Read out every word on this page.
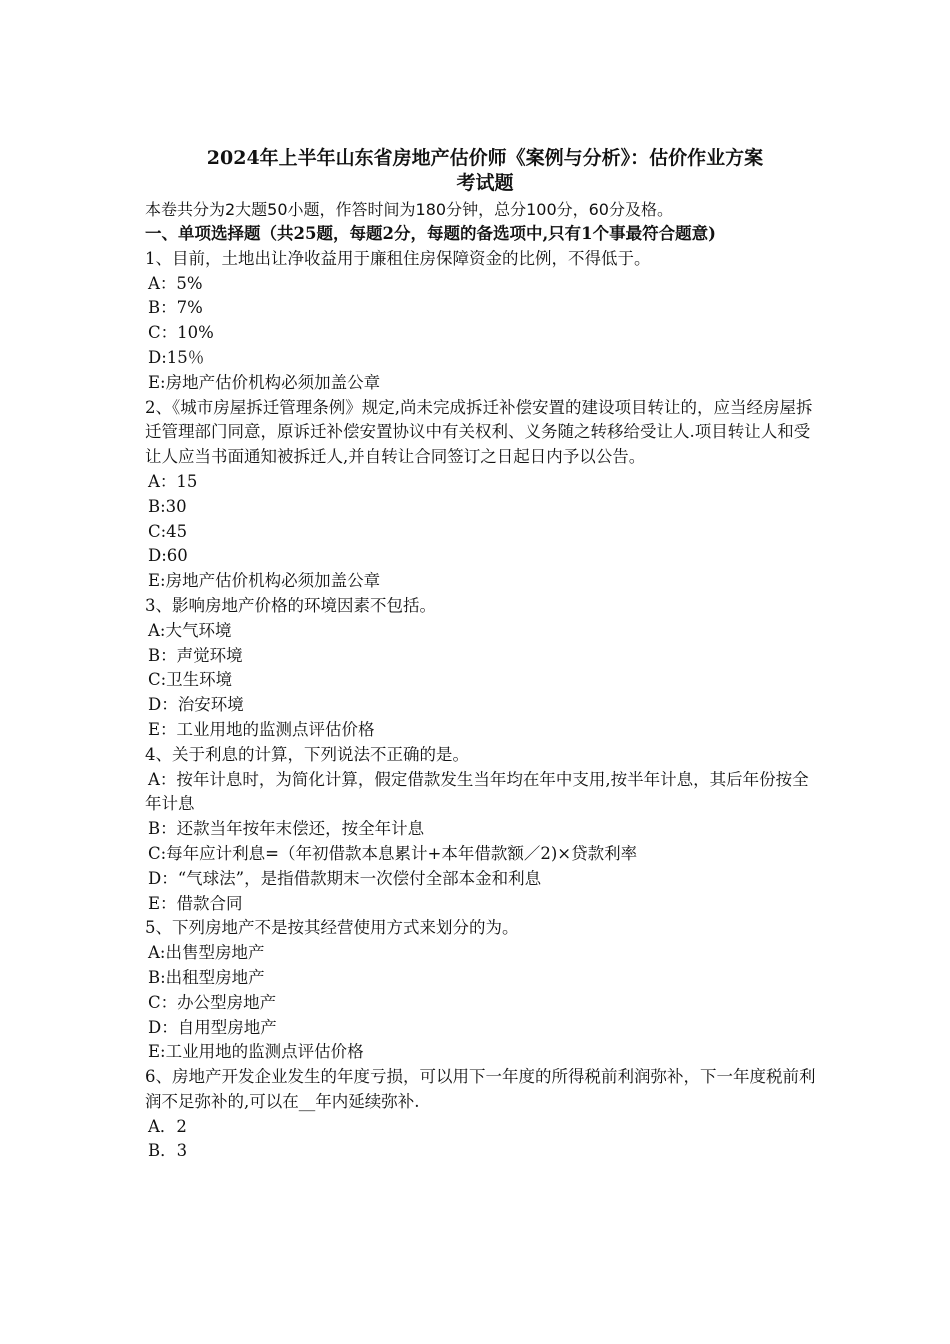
2024年上半年山东省房地产估价师《案例与分析》：估价作业方案
考试题

本卷共分为2大题50小题，作答时间为180分钟，总分100分，60分及格。

一、单项选择题（共25题，每题2分，每题的备选项中,只有1个事最符合题意)

1、目前，土地出让净收益用于廉租住房保障资金的比例，不得低于。

A：5%

B：7%

C：10%

D:15％

E:房地产估价机构必须加盖公章

2、《城市房屋拆迁管理条例》规定,尚未完成拆迁补偿安置的建设项目转让的，应当经房屋拆迁管理部门同意，原诉迁补偿安置协议中有关权利、义务随之转移给受让人.项目转让人和受让人应当书面通知被拆迁人,并自转让合同签订之日起日内予以公告。

A：15

B:30

C:45

D:60

E:房地产估价机构必须加盖公章

3、影响房地产价格的环境因素不包括。

A:大气环境

B：声觉环境

C:卫生环境

D：治安环境

E：工业用地的监测点评估价格

4、关于利息的计算，下列说法不正确的是。

A：按年计息时，为简化计算，假定借款发生当年均在年中支用,按半年计息，其后年份按全年计息

B：还款当年按年末偿还，按全年计息

C:每年应计利息=（年初借款本息累计+本年借款额／2)×贷款利率

D：“气球法”，是指借款期末一次偿付全部本金和利息

E：借款合同

5、下列房地产不是按其经营使用方式来划分的为。

A:出售型房地产

B:出租型房地产

C：办公型房地产

D：自用型房地产

E:工业用地的监测点评估价格

6、房地产开发企业发生的年度亏损，可以用下一年度的所得税前利润弥补，下一年度税前利润不足弥补的,可以在__年内延续弥补.

A．2

B．3
